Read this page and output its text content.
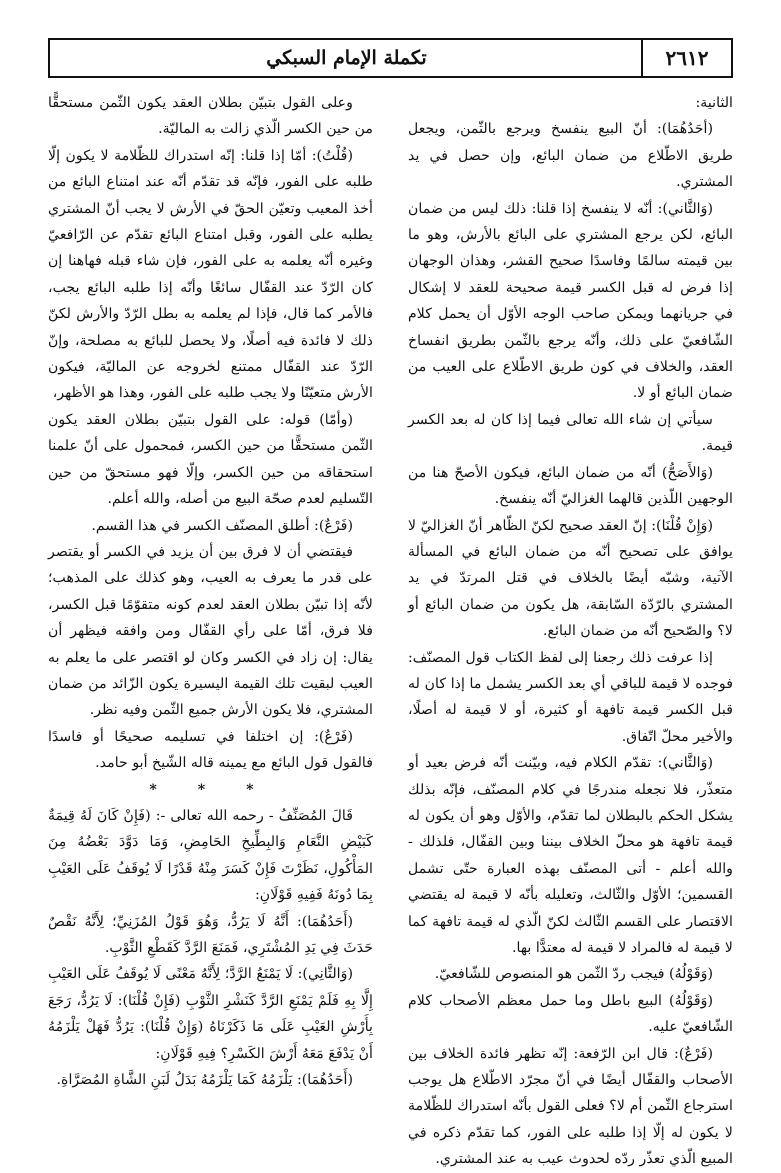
٢٦١٢
تكملة الإمام السبكي

الثانية:

(أحَدُهُمَا): أنّ البيع ينفسخ ويرجع بالثّمن، ويجعل طريق الاطّلاع من ضمان البائع، وإن حصل في يد المشتري.

(وَالثَّاني): أنّه لا ينفسخ إذا قلنا: ذلك ليس من ضمان البائع، لكن يرجع المشتري على البائع بالأرش، وهو ما بين قيمته سالمًا وفاسدًا صحيح القشر، وهذان الوجهان إذا فرض له قبل الكسر قيمة صحيحة للعقد لا إشكال في جريانهما ويمكن صاحب الوجه الأوّل أن يحمل كلام الشّافعيّ على ذلك، وأنّه يرجع بالثّمن بطريق انفساخ العقد، والخلاف في كون طريق الاطّلاع على العيب من ضمان البائع أو لا.

سيأتي إن شاء الله تعالى فيما إذا كان له بعد الكسر قيمة.

(وَالأَصَحُّ) أنّه من ضمان البائع، فيكون الأصحّ هنا من الوجهين اللّذين قالهما الغزاليّ أنّه ينفسخ.

(وَإِنْ قُلْنَا): إنّ العقد صحيح لكنّ الظّاهر أنّ الغزاليّ لا يوافق على تصحيح أنّه من ضمان البائع في المسألة الآتية، وشبّه أيضًا بالخلاف في قتل المرتدّ في يد المشتري بالرّدّة السّابقة، هل يكون من ضمان البائع أو لا؟ والصّحيح أنّه من ضمان البائع.

إذا عرفت ذلك رجعنا إلى لفظ الكتاب قول المصنّف: فوجده لا قيمة للباقي أي بعد الكسر يشمل ما إذا كان له قبل الكسر قيمة تافهة أو كثيرة، أو لا قيمة له أصلًا، والأخير محلّ اتّفاق.

(وَالثَّاني): تقدّم الكلام فيه، وبيّنت أنّه فرض بعيد أو متعذّر، فلا نجعله مندرجًا في كلام المصنّف، فإنّه بذلك يشكل الحكم بالبطلان لما تقدّم، والأوّل وهو أن يكون له قيمة تافهة هو محلّ الخلاف بيننا وبين القفّال، فلذلك - والله أعلم - أتى المصنّف بهذه العبارة حتّى تشمل القسمين؛ الأوّل والثّالث، وتعليله بأنّه لا قيمة له يقتضي الاقتصار على القسم الثّالث لكنّ الّذي له قيمة تافهة كما لا قيمة له فالمراد لا قيمة له معتدًّا بها.

(وَقَوْلُهُ) فيجب ردّ الثّمن هو المنصوص للشّافعيّ.

(وَقَوْلُهُ) البيع باطل وما حمل معظم الأصحاب كلام الشّافعيّ عليه.

(فَرْعٌ): قال ابن الرّفعة: إنّه تظهر فائدة الخلاف بين الأصحاب والقفّال أيضًا في أنّ مجرّد الاطّلاع هل يوجب استرجاع الثّمن أم لا؟ فعلى القول بأنّه استدراك للظّلامة لا يكون له إلّا إذا طلبه على الفور، كما تقدّم ذكره في المبيع الّذي تعذّر ردّه لحدوث عيب به عند المشتري.

وعلى القول بتبيّن بطلان العقد يكون الثّمن مستحقًّا من حين الكسر الّذي زالت به الماليّة.

(قُلْتُ): أمّا إذا قلنا: إنّه استدراك للظّلامة لا يكون إلّا طلبه على الفور، فإنّه قد تقدّم أنّه عند امتناع البائع من أخذ المعيب وتعيّن الحقّ في الأرش لا يجب أنّ المشتري يطلبه على الفور، وقبل امتناع البائع تقدّم عن الرّافعيّ وغيره أنّه يعلمه به على الفور، فإن شاء قبله فهاهنا إن كان الرّدّ عند القفّال سائغًا وأنّه إذا طلبه البائع يجب، فالأمر كما قال، فإذا لم يعلمه به بطل الرّدّ والأرش لكنّ ذلك لا فائدة فيه أصلًا، ولا يحصل للبائع به مصلحة، وإنّ الرّدّ عند القفّال ممتنع لخروجه عن الماليّة، فيكون الأرش متعيّنًا ولا يجب طلبه على الفور، وهذا هو الأظهر،

(وأمّا) قوله: على القول بتبيّن بطلان العقد يكون الثّمن مستحقًّا من حين الكسر، فمحمول على أنّ علمنا استحقاقه من حين الكسر، وإلّا فهو مستحقّ من حين التّسليم لعدم صحّة البيع من أصله، والله أعلم.

(فَرْعٌ): أطلق المصنّف الكسر في هذا القسم.

فيقتضي أن لا فرق بين أن يزيد في الكسر أو يقتصر على قدر ما يعرف به العيب، وهو كذلك على المذهب؛ لأنّه إذا تبيّن بطلان العقد لعدم كونه متقوّمًا قبل الكسر، فلا فرق، أمّا على رأي القفّال ومن وافقه فيظهر أن يقال: إن زاد في الكسر وكان لو اقتصر على ما يعلم به العيب لبقيت تلك القيمة اليسيرة يكون الزّائد من ضمان المشتري، فلا يكون الأرش جميع الثّمن وفيه نظر.

(فَرْعٌ): إن اختلفا في تسليمه صحيحًا أو فاسدًا فالقول قول البائع مع يمينه قاله الشّيخ أبو حامد.

* * *

قَالَ المُصَنِّفُ - رحمه الله تعالى -: (فَإِنْ كَانَ لَهُ قِيمَةٌ كَبَيْضِ النَّعَامِ وَالبِطِّيخِ الحَامِضِ، وَمَا دَوَّدَ بَعْضُهُ مِنَ المَأْكُولِ، نَظَرْتَ فَإِنْ كَسَرَ مِنْهُ قَدْرًا لَا يُوقَفُ عَلَى العَيْبِ بِمَا دُونَهُ فَفِيهِ قَوْلَانِ:

(أَحَدُهُمَا): أَنَّهُ لَا يَرُدُّ، وَهُوَ قَوْلُ المُزَنِيِّ؛ لِأَنَّهُ نَقْصٌ حَدَثَ فِي يَدِ المُشْتَرِي، فَمَنَعَ الرَّدَّ كَقَطْعِ الثَّوْبِ.

(وَالثَّانِي): لَا يَمْنَعُ الرَّدَّ؛ لِأَنَّهُ مَعْنًى لَا يُوقَفُ عَلَى العَيْبِ إِلَّا بِهِ فَلَمْ يَمْنَعِ الرَّدَّ كَنَشْرِ الثَّوْبِ (فَإِنْ قُلْنَا): لَا يَرُدُّ، رَجَعَ بِأَرْشِ العَيْبِ عَلَى مَا ذَكَرْنَاهُ (وَإِنْ قُلْنَا): يَرُدُّ فَهَلْ يَلْزَمُهُ أَنْ يَدْفَعَ مَعَهُ أَرْشَ الكَسْرِ؟ فِيهِ قَوْلَانِ:

(أَحَدُهُمَا): يَلْزَمُهُ كَمَا يَلْزَمُهُ بَدَلُ لَبَنِ الشَّاةِ المُصَرَّاةِ.
